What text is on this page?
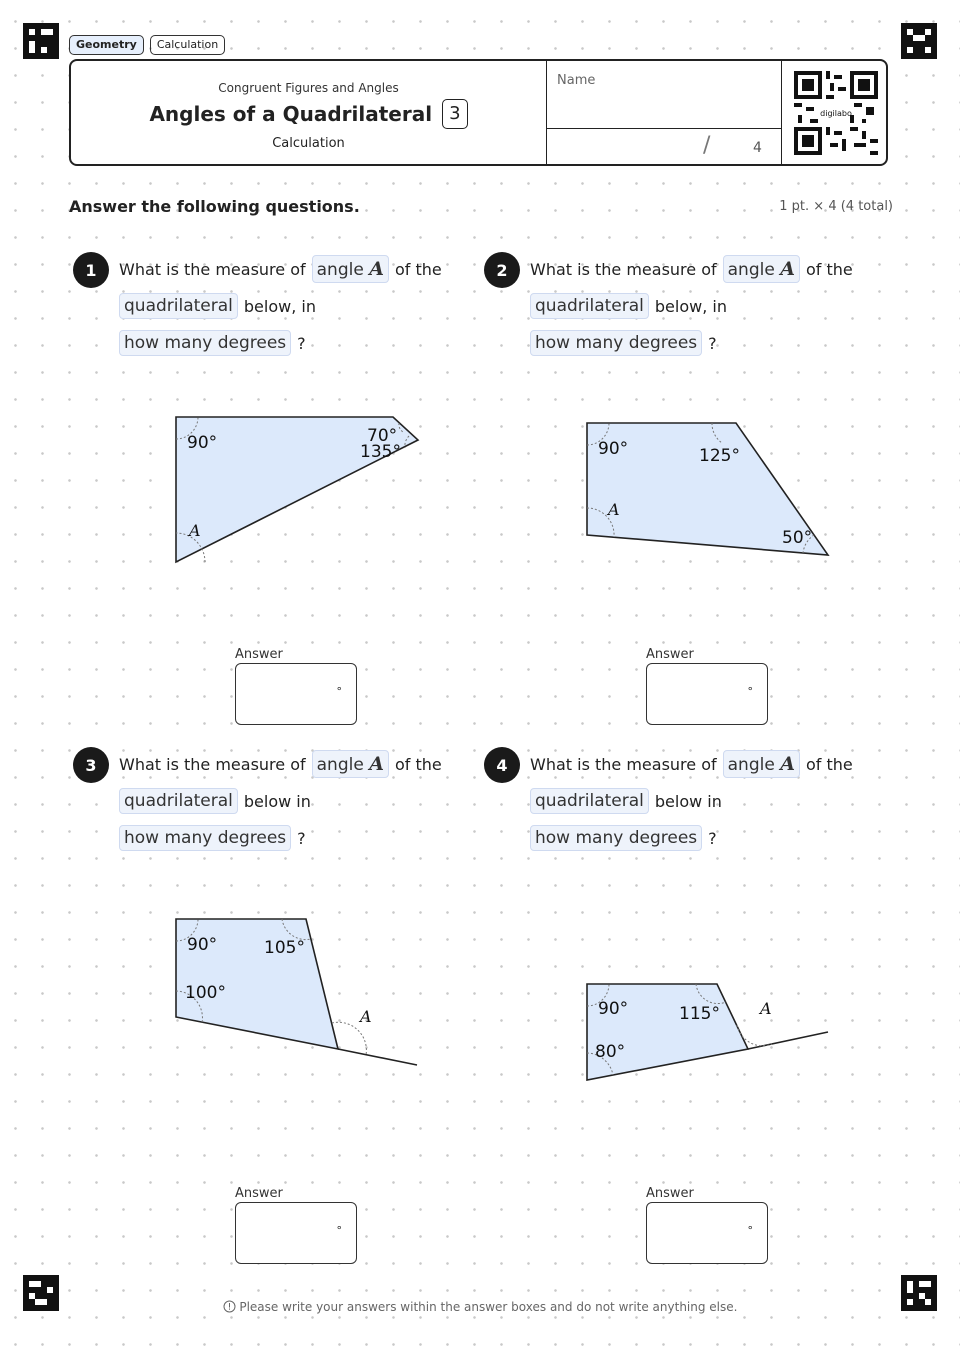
Geometry	Calculation
Congruent Figures and Angles
Angles of a Quadrilateral 3
Calculation
Name
/	4
digilabo
Answer the following questions.	1 pt. × 4 (4 total)
1	What is the measure of angle A of the
quadrilateral below, in
how many degrees ?
90°	70°
135°
A
Answer
°
2	What is the measure of angle A of the
quadrilateral below, in
how many degrees ?
90°	125°
50°
A
Answer
°
3	What is the measure of angle A of the
quadrilateral below in
how many degrees ?
90°	105°
100°
A
Answer
°
4	What is the measure of angle A of the
quadrilateral below in
how many degrees ?
90°	115°
80°
A
Answer
°
Please write your answers within the answer boxes and do not write anything else.
